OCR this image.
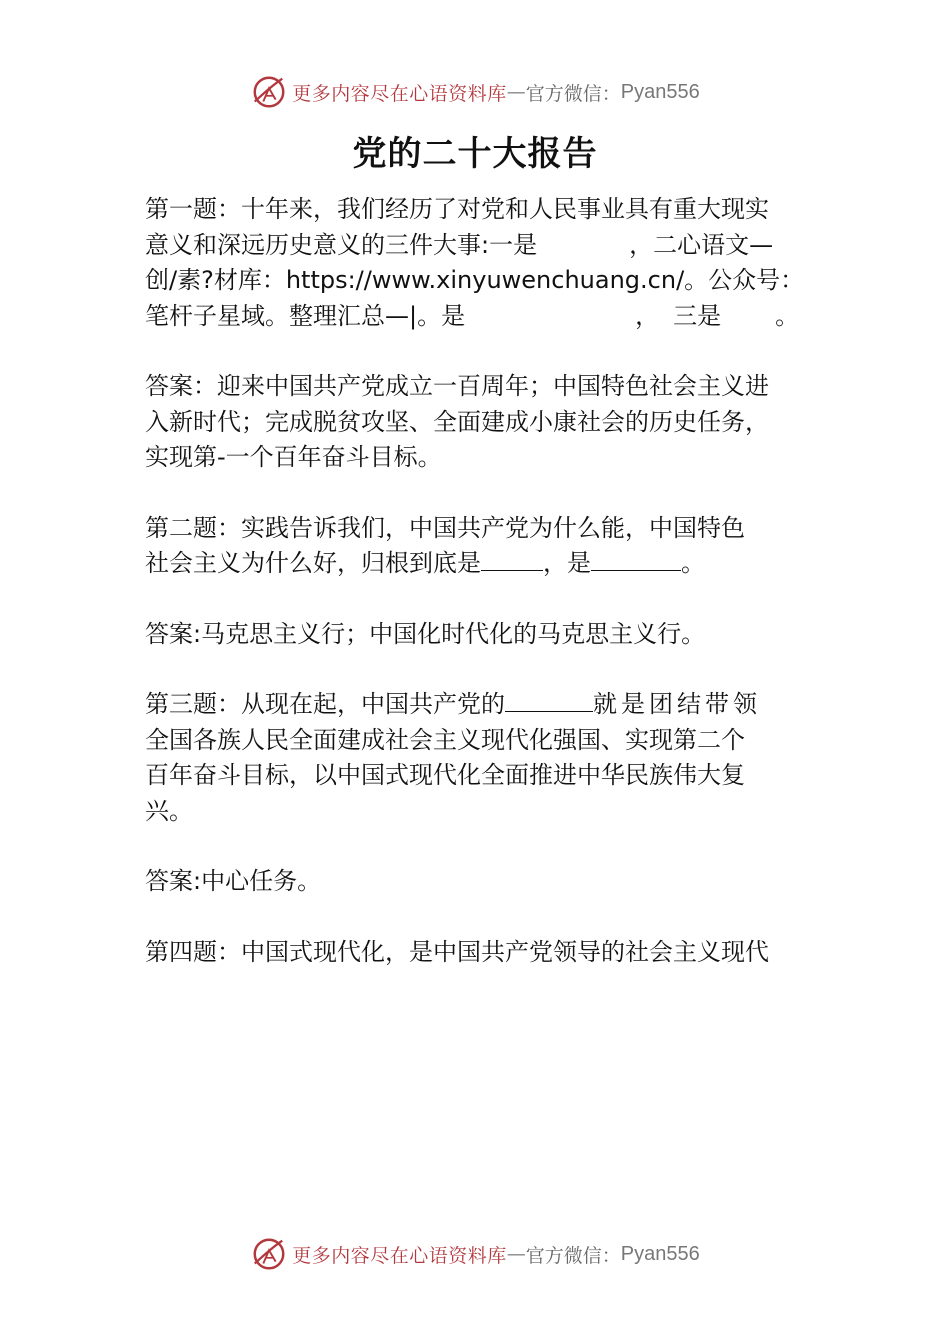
更多内容尽在心语资料库 — 官方微信： Pyan556
党的二十大报告
第一题：十年来，我们经历了对党和人民事业具有重大现实
意义和深远历史意义的三件大事:一是	，二心语文—
创/素?材库：https://www.xinyuwenchuang.cn/。公众号：
笔杆子星域。整理汇总—|。是	， 三是 。
答案：迎来中国共产党成立一百周年；中国特色社会主义进
入新时代；完成脱贫攻坚、全面建成小康社会的历史任务，
实现第-一个百年奋斗目标。
第二题：实践告诉我们，中国共产党为什么能，中国特色
社会主义为什么好，归根到底是	，是	。
答案:马克思主义行；中国化时代化的马克思主义行。
第三题：从现在起，中国共产党的	就是团结带领
全国各族人民全面建成社会主义现代化强国、实现第二个
百年奋斗目标，以中国式现代化全面推进中华民族伟大复
兴。
答案:中心任务。
第四题：中国式现代化，是中国共产党领导的社会主义现代
更多内容尽在心语资料库 — 官方微信： Pyan556
